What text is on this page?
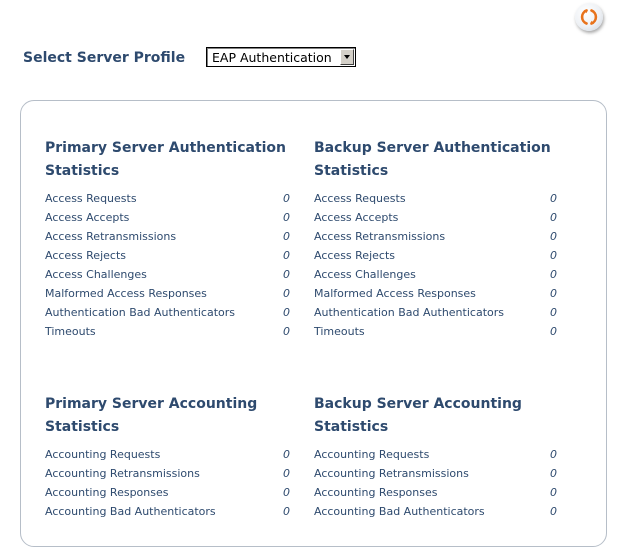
Select Server Profile	EAP Authentication
Primary Server Authentication Statistics
Access Requests	0
Access Accepts	0
Access Retransmissions	0
Access Rejects	0
Access Challenges	0
Malformed Access Responses	0
Authentication Bad Authenticators	0
Timeouts	0
Backup Server Authentication Statistics
Access Requests	0
Access Accepts	0
Access Retransmissions	0
Access Rejects	0
Access Challenges	0
Malformed Access Responses	0
Authentication Bad Authenticators	0
Timeouts	0
Primary Server Accounting Statistics
Accounting Requests	0
Accounting Retransmissions	0
Accounting Responses	0
Accounting Bad Authenticators	0
Backup Server Accounting Statistics
Accounting Requests	0
Accounting Retransmissions	0
Accounting Responses	0
Accounting Bad Authenticators	0
